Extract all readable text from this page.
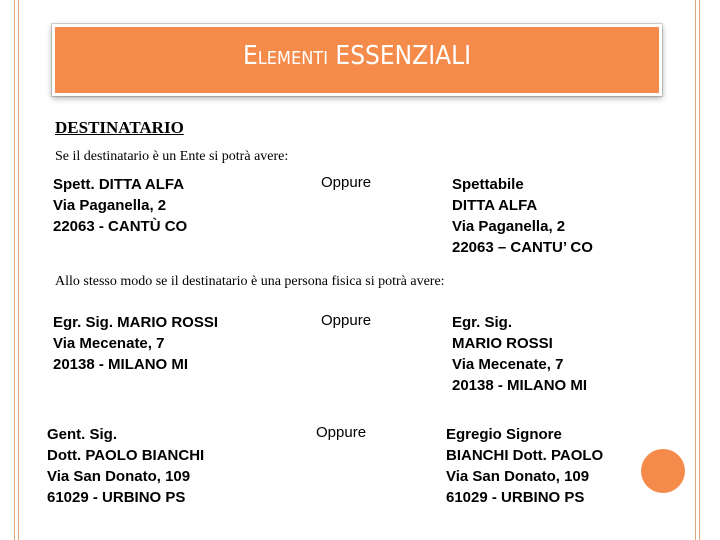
Elementi ESSENZIALI
DESTINATARIO
Se il destinatario è un Ente si potrà avere:
Spett. DITTA ALFA
Via Paganella, 2
22063 - CANTÙ CO
Oppure	Spettabile
DITTA ALFA
Via Paganella, 2
22063 – CANTU’ CO
Allo stesso modo se il destinatario è una persona fisica si potrà avere:
Egr. Sig. MARIO ROSSI
Via Mecenate, 7
20138 - MILANO MI
Oppure	Egr. Sig.
MARIO ROSSI
Via Mecenate, 7
20138 - MILANO MI
Gent. Sig.
Dott. PAOLO BIANCHI
Via San Donato, 109
61029 - URBINO PS
Oppure	Egregio Signore
BIANCHI Dott. PAOLO
Via San Donato, 109
61029 - URBINO PS
